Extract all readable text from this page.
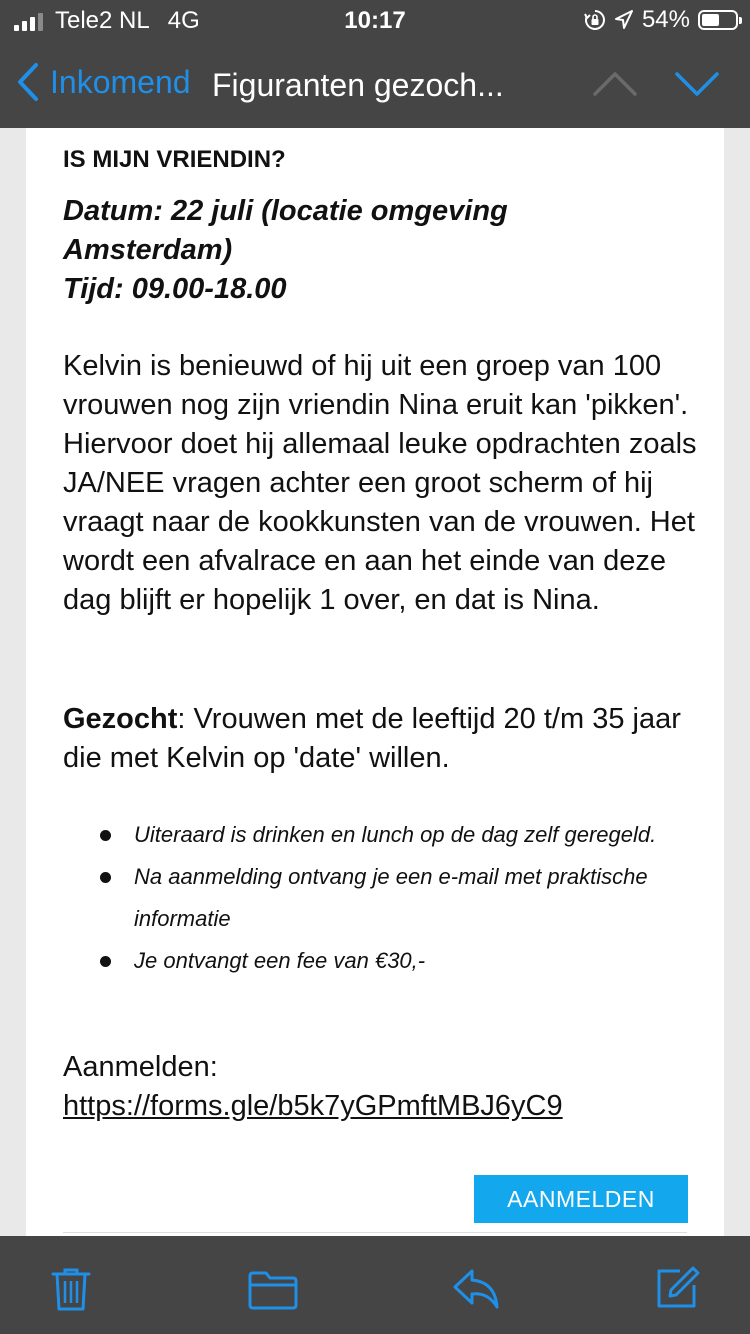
Tele2 NL 4G	10:17	54%
Inkomend Figuranten gezoch...

IS MIJN VRIENDIN?

Datum: 22 juli (locatie omgeving Amsterdam)
Tijd: 09.00-18.00

Kelvin is benieuwd of hij uit een groep van 100 vrouwen nog zijn vriendin Nina eruit kan 'pikken'. Hiervoor doet hij allemaal leuke opdrachten zoals JA/NEE vragen achter een groot scherm of hij vraagt naar de kookkunsten van de vrouwen. Het wordt een afvalrace en aan het einde van deze dag blijft er hopelijk 1 over, en dat is Nina.

Gezocht: Vrouwen met de leeftijd 20 t/m 35 jaar die met Kelvin op 'date' willen.

Uiteraard is drinken en lunch op de dag zelf geregeld.
Na aanmelding ontvang je een e-mail met praktische informatie
Je ontvangt een fee van €30,-

Aanmelden: https://forms.gle/b5k7yGPmftMBJ6yC9

AANMELDEN
